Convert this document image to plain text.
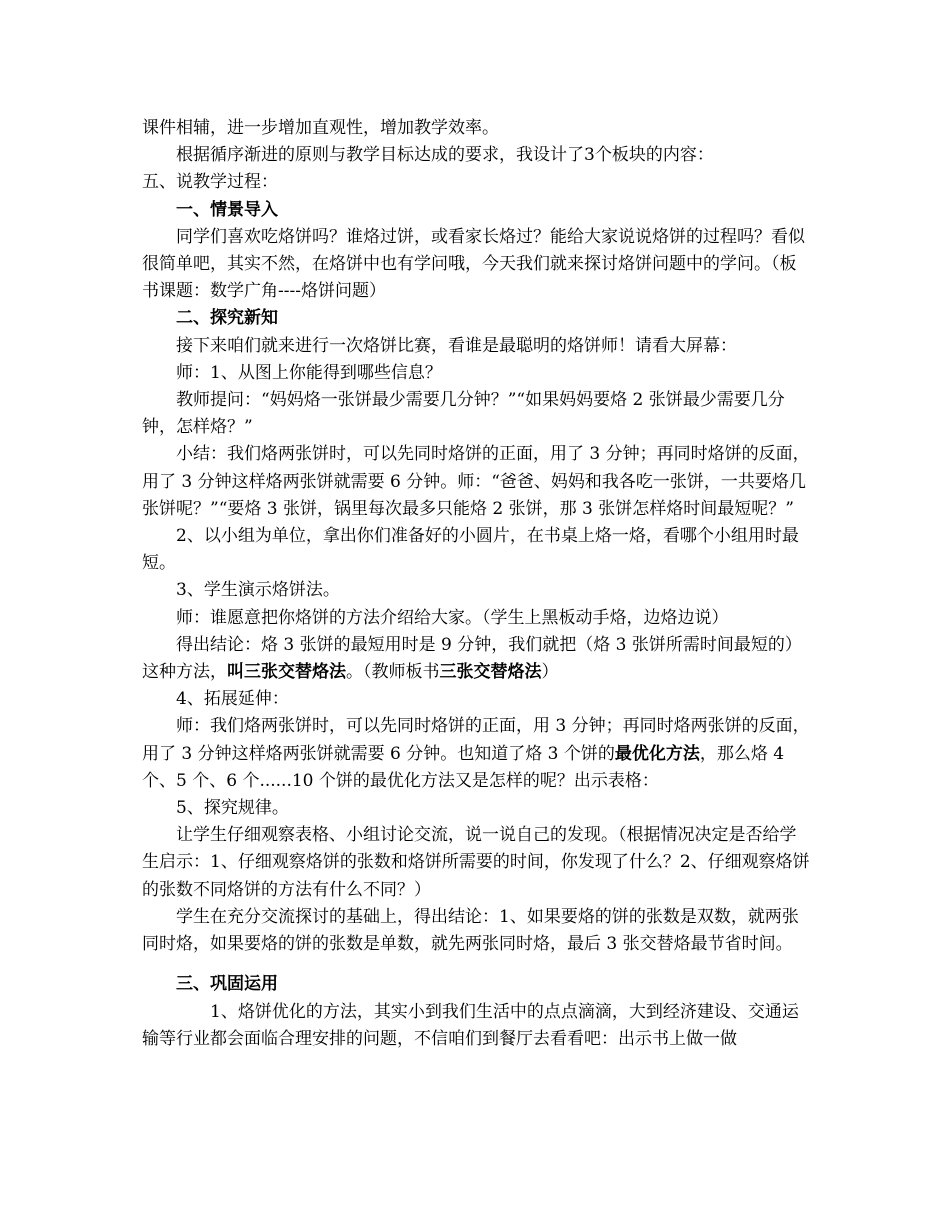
课件相辅，进一步增加直观性，增加教学效率。

根据循序渐进的原则与教学目标达成的要求，我设计了3个板块的内容：

五、说教学过程：

一、情景导入

同学们喜欢吃烙饼吗？谁烙过饼，或看家长烙过？能给大家说说烙饼的过程吗？看似很简单吧，其实不然，在烙饼中也有学问哦，今天我们就来探讨烙饼问题中的学问。（板书课题：数学广角----烙饼问题）

二、探究新知

接下来咱们就来进行一次烙饼比赛，看谁是最聪明的烙饼师！请看大屏幕：

师：1、从图上你能得到哪些信息？

教师提问：“妈妈烙一张饼最少需要几分钟？”“如果妈妈要烙 2 张饼最少需要几分钟，怎样烙？”

小结：我们烙两张饼时，可以先同时烙饼的正面，用了 3 分钟；再同时烙饼的反面，用了 3 分钟这样烙两张饼就需要 6 分钟。师：“爸爸、妈妈和我各吃一张饼，一共要烙几张饼呢？”“要烙 3 张饼，锅里每次最多只能烙 2 张饼，那 3 张饼怎样烙时间最短呢？”

2、以小组为单位，拿出你们准备好的小圆片，在书桌上烙一烙，看哪个小组用时最短。

3、学生演示烙饼法。

师：谁愿意把你烙饼的方法介绍给大家。（学生上黑板动手烙，边烙边说）

得出结论：烙 3 张饼的最短用时是 9 分钟，我们就把（烙 3 张饼所需时间最短的）这种方法，叫三张交替烙法。（教师板书三张交替烙法）

4、拓展延伸：

师：我们烙两张饼时，可以先同时烙饼的正面，用 3 分钟；再同时烙两张饼的反面，用了 3 分钟这样烙两张饼就需要 6 分钟。也知道了烙 3 个饼的最优化方法，那么烙 4 个、5 个、6 个......10 个饼的最优化方法又是怎样的呢？出示表格：

5、探究规律。

让学生仔细观察表格、小组讨论交流，说一说自己的发现。（根据情况决定是否给学生启示：1、仔细观察烙饼的张数和烙饼所需要的时间，你发现了什么？2、仔细观察烙饼的张数不同烙饼的方法有什么不同？）

学生在充分交流探讨的基础上，得出结论：1、如果要烙的饼的张数是双数，就两张同时烙，如果要烙的饼的张数是单数，就先两张同时烙，最后 3 张交替烙最节省时间。

三、巩固运用

1、烙饼优化的方法，其实小到我们生活中的点点滴滴，大到经济建设、交通运输等行业都会面临合理安排的问题，不信咱们到餐厅去看看吧：出示书上做一做
